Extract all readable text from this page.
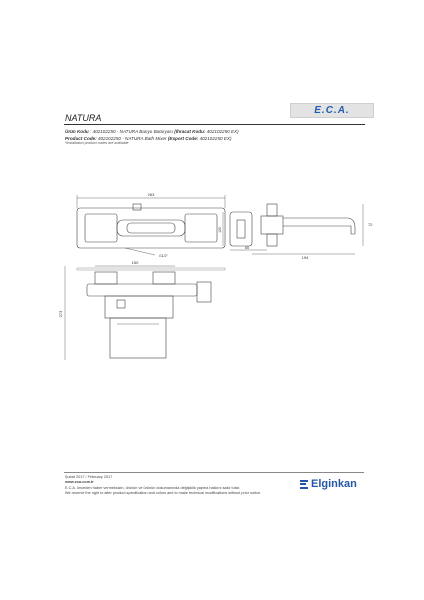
E.C.A.
NATURA
Ürün Kodu : 402102250 - NATURA Banyo Bataryası (İhracat Kodu: 402102250 EX)
Product Code: 402102250 - NATURA Bath Mixer (Export Code: 402102250 EX)
*Installation product codes are available
263
G1/2"
120
72
65
194
150
273
Şubat 2017 / February 2017
www.eca.com.tr
E.C.A. önceden haber vermeksizin, ürünün ve ürünün dokumanında değişiklik yapma hakkını saklı tutar.
We reserve the right to alter product specification and colors and to make technical modifications without prior notice.
Elginkan
